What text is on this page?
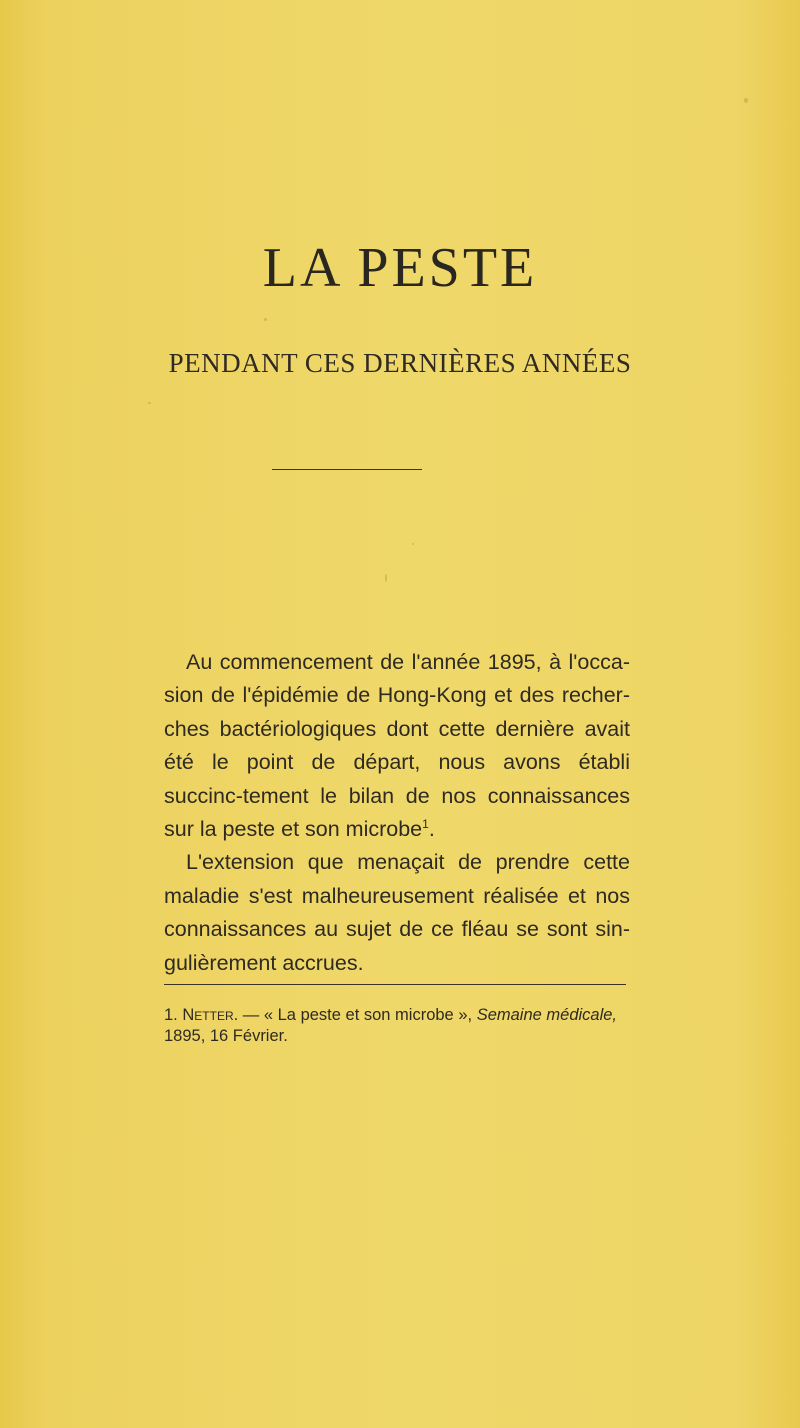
LA PESTE
PENDANT CES DERNIÈRES ANNÉES

Au commencement de l'année 1895, à l'occa-sion de l'épidémie de Hong-Kong et des recher-ches bactériologiques dont cette dernière avait été le point de départ, nous avons établi succinc-tement le bilan de nos connaissances sur la peste et son microbe$^1$.

L'extension que menaçait de prendre cette maladie s'est malheureusement réalisée et nos connaissances au sujet de ce fléau se sont sin-gulièrement accrues.

1. Netter. — « La peste et son microbe », Semaine médicale, 1895, 16 Février.
